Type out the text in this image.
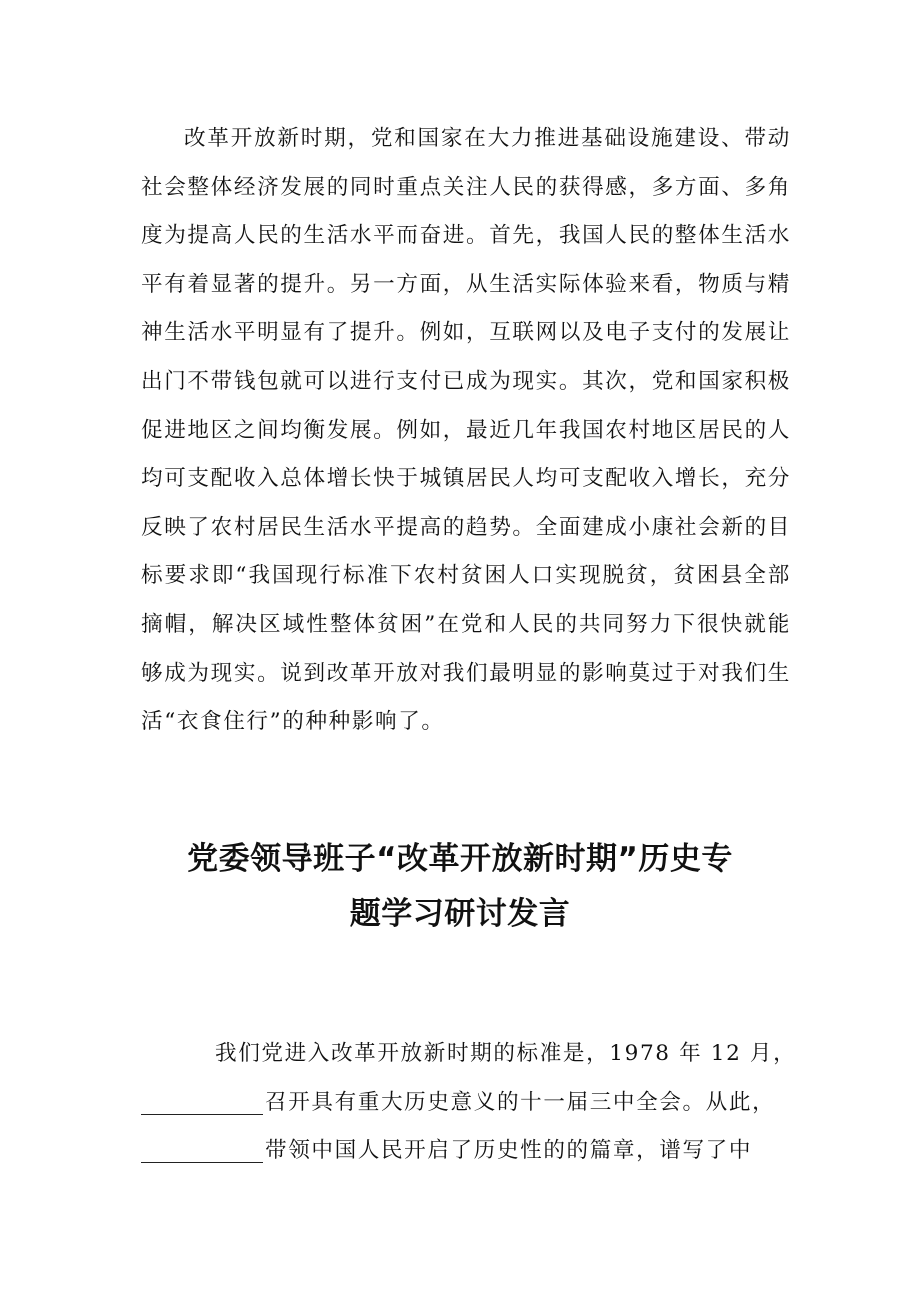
改革开放新时期，党和国家在大力推进基础设施建设、带动社会整体经济发展的同时重点关注人民的获得感，多方面、多角度为提高人民的生活水平而奋进。首先，我国人民的整体生活水平有着显著的提升。另一方面，从生活实际体验来看，物质与精神生活水平明显有了提升。例如，互联网以及电子支付的发展让出门不带钱包就可以进行支付已成为现实。其次，党和国家积极促进地区之间均衡发展。例如，最近几年我国农村地区居民的人均可支配收入总体增长快于城镇居民人均可支配收入增长，充分反映了农村居民生活水平提高的趋势。全面建成小康社会新的目标要求即“我国现行标准下农村贫困人口实现脱贫，贫困县全部摘帽，解决区域性整体贫困”在党和人民的共同努力下很快就能够成为现实。说到改革开放对我们最明显的影响莫过于对我们生活“衣食住行”的种种影响了。

党委领导班子“改革开放新时期”历史专
题学习研讨发言
我们党进入改革开放新时期的标准是，1978 年 12 月，
召开具有重大历史意义的十一届三中全会。从此，
带领中国人民开启了历史性的的篇章，谱写了中
